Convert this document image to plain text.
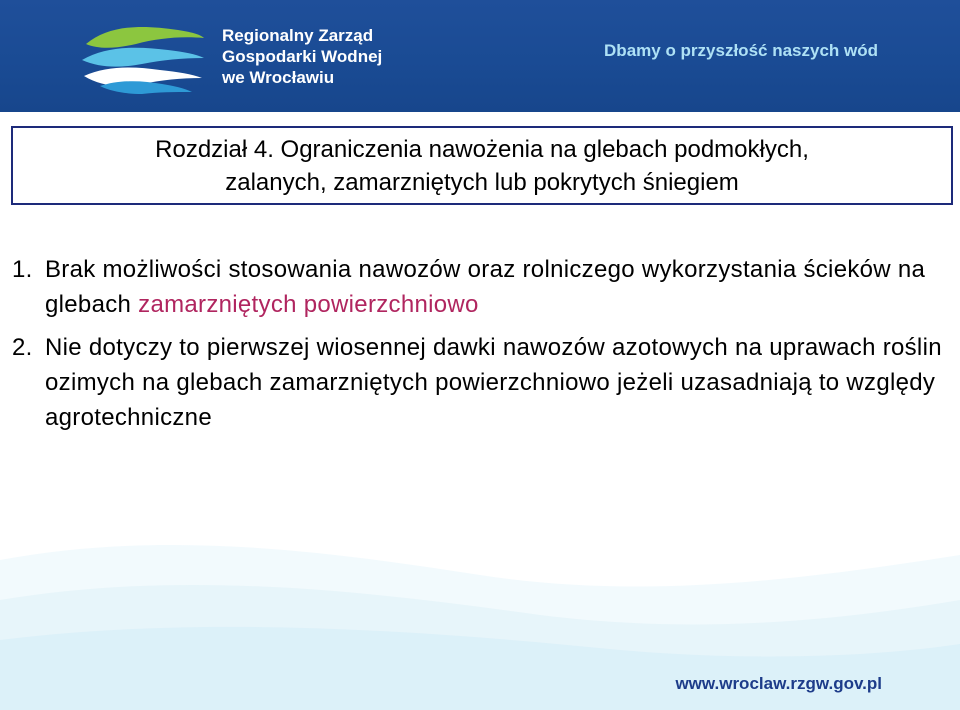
Regionalny Zarząd
Gospodarki Wodnej
we Wrocławiu
Dbamy o przyszłość naszych wód
Rozdział 4. Ograniczenia nawożenia na glebach podmokłych,
zalanych, zamarzniętych lub pokrytych śniegiem
1. Brak możliwości stosowania nawozów oraz rolniczego wykorzystania ścieków na glebach zamarzniętych powierzchniowo
2. Nie dotyczy to pierwszej wiosennej dawki nawozów azotowych na uprawach roślin ozimych na glebach zamarzniętych powierzchniowo jeżeli uzasadniają to względy agrotechniczne
www.wroclaw.rzgw.gov.pl
